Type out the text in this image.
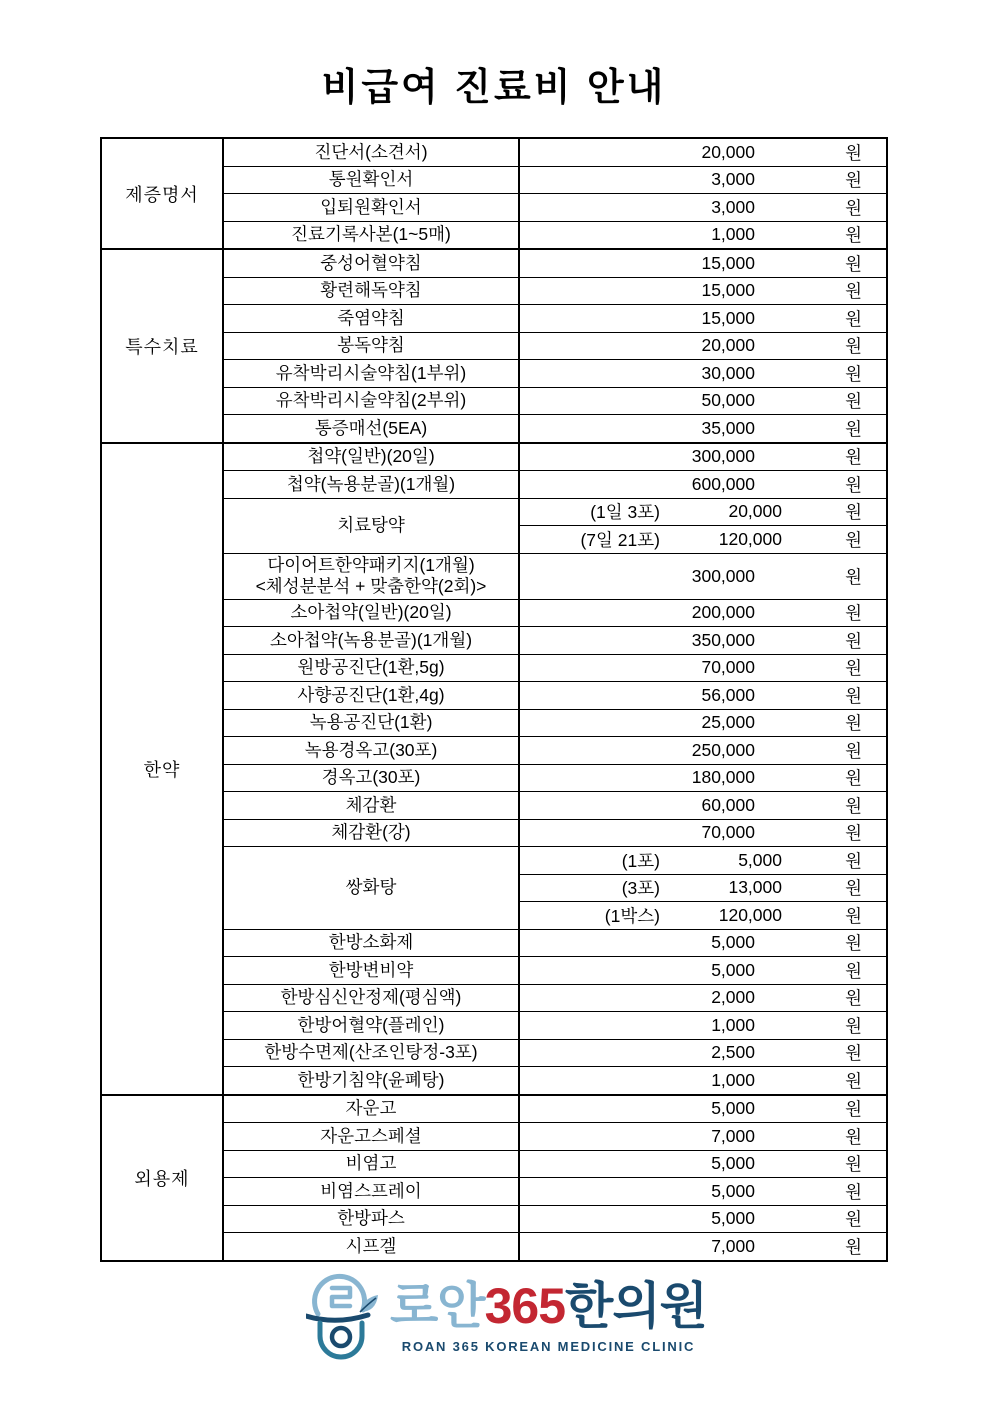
비급여 진료비 안내
제증명서
진단서(소견서)	20,000	원
통원확인서	3,000	원
입퇴원확인서	3,000	원
진료기록사본(1~5매)	1,000	원
특수치료
중성어혈약침	15,000	원
황련해독약침	15,000	원
죽염약침	15,000	원
봉독약침	20,000	원
유착박리시술약침(1부위)	30,000	원
유착박리시술약침(2부위)	50,000	원
통증매선(5EA)	35,000	원
한약
첩약(일반)(20일)	300,000	원
첩약(녹용분골)(1개월)	600,000	원
치료탕약
(1일 3포)	20,000	원
(7일 21포)	120,000	원
다이어트한약패키지(1개월)
<체성분분석 + 맞춤한약(2회)>
300,000	원
소아첩약(일반)(20일)	200,000	원
소아첩약(녹용분골)(1개월)	350,000	원
원방공진단(1환,5g)	70,000	원
사향공진단(1환,4g)	56,000	원
녹용공진단(1환)	25,000	원
녹용경옥고(30포)	250,000	원
경옥고(30포)	180,000	원
체감환	60,000	원
체감환(강)	70,000	원
쌍화탕
(1포)	5,000	원
(3포)	13,000	원
(1박스)	120,000	원
한방소화제	5,000	원
한방변비약	5,000	원
한방심신안정제(평심액)	2,000	원
한방어혈약(플레인)	1,000	원
한방수면제(산조인탕정-3포)	2,500	원
한방기침약(윤폐탕)	1,000	원
외용제
자운고	5,000	원
자운고스페셜	7,000	원
비염고	5,000	원
비염스프레이	5,000	원
한방파스	5,000	원
시프겔	7,000	원
로안365한의원
ROAN 365 KOREAN MEDICINE CLINIC
